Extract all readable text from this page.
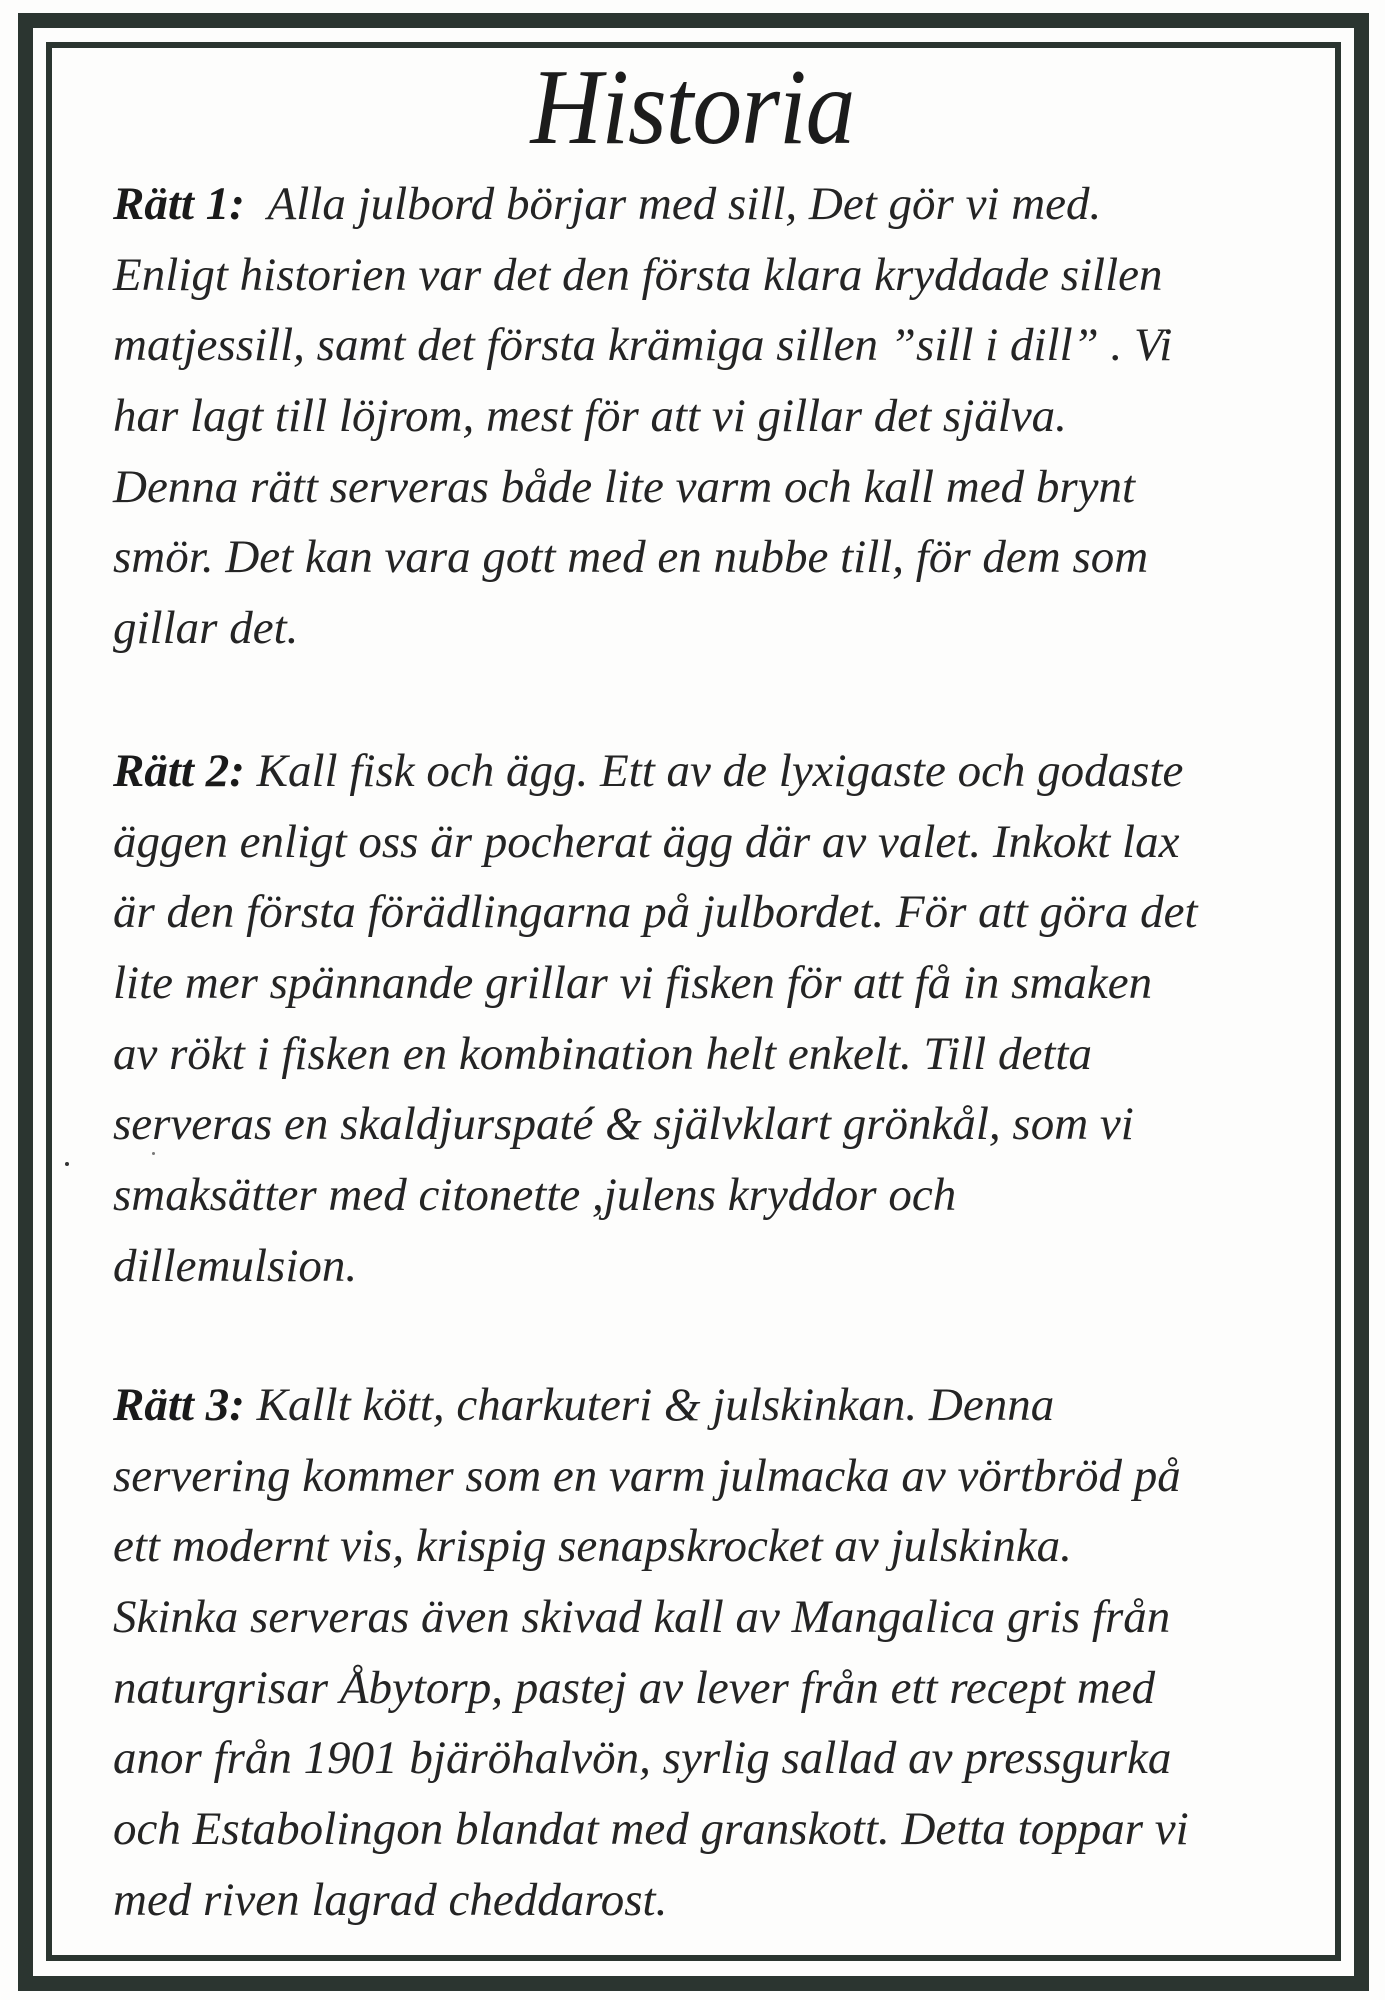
Historia
Rätt 1:  Alla julbord börjar med sill, Det gör vi med.
Enligt historien var det den första klara kryddade sillen
matjessill, samt det första krämiga sillen ”sill i dill” . Vi
har lagt till löjrom, mest för att vi gillar det själva.
Denna rätt serveras både lite varm och kall med brynt
smör. Det kan vara gott med en nubbe till, för dem som
gillar det.
Rätt 2: Kall fisk och ägg. Ett av de lyxigaste och godaste
äggen enligt oss är pocherat ägg där av valet. Inkokt lax
är den första förädlingarna på julbordet. För att göra det
lite mer spännande grillar vi fisken för att få in smaken
av rökt i fisken en kombination helt enkelt. Till detta
serveras en skaldjurspaté & självklart grönkål, som vi
smaksätter med citonette ,julens kryddor och
dillemulsion.
Rätt 3: Kallt kött, charkuteri & julskinkan. Denna
servering kommer som en varm julmacka av vörtbröd på
ett modernt vis, krispig senapskrocket av julskinka.
Skinka serveras även skivad kall av Mangalica gris från
naturgrisar Åbytorp, pastej av lever från ett recept med
anor från 1901 bjäröhalvön, syrlig sallad av pressgurka
och Estabolingon blandat med granskott. Detta toppar vi
med riven lagrad cheddarost.
